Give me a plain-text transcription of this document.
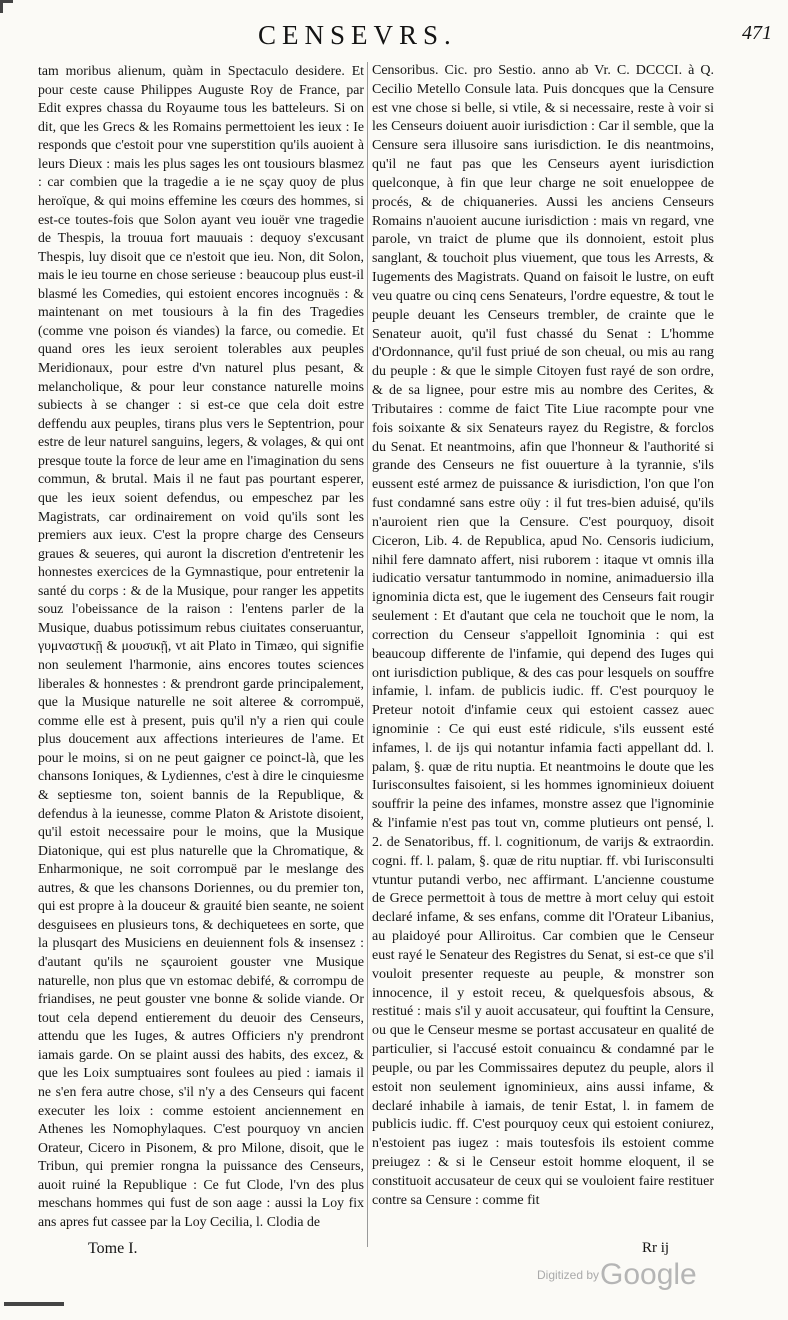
CENSEVRS.	471

tam moribus alienum, quàm in Spectaculo desidere. Et pour ceste cause Philippes Auguste Roy de France, par Edit expres chassa du Royaume tous les batteleurs. Si on dit, que les Grecs & les Romains permettoient les ieux : Ie responds que c'estoit pour vne superstition qu'ils auoient à leurs Dieux : mais les plus sages les ont tousiours blasmez : car combien que la tragedie a ie ne sçay quoy de plus heroïque, & qui moins effemine les cœurs des hommes, si est-ce toutes-fois que Solon ayant veu iouër vne tragedie de Thespis, la trouua fort mauuais : dequoy s'excusant Thespis, luy disoit que ce n'estoit que ieu. Non, dit Solon, mais le ieu tourne en chose serieuse : beaucoup plus eust-il blasmé les Comedies, qui estoient encores incognuës : & maintenant on met tousiours à la fin des Tragedies (comme vne poison és viandes) la farce, ou comedie. Et quand ores les ieux seroient tolerables aux peuples Meridionaux, pour estre d'vn naturel plus pesant, & melancholique, & pour leur constance naturelle moins subiects à se changer : si est-ce que cela doit estre deffendu aux peuples, tirans plus vers le Septentrion, pour estre de leur naturel sanguins, legers, & volages, & qui ont presque toute la force de leur ame en l'imagination du sens commun, & brutal. Mais il ne faut pas pourtant esperer, que les ieux soient defendus, ou empeschez par les Magistrats, car ordinairement on void qu'ils sont les premiers aux ieux. C'est la propre charge des Censeurs graues & seueres, qui auront la discretion d'entretenir les honnestes exercices de la Gymnastique, pour entretenir la santé du corps : & de la Musique, pour ranger les appetits souz l'obeissance de la raison : l'entens parler de la Musique, duabus potissimum rebus ciuitates conseruantur, γυμναστικῇ & μουσικῇ, vt ait Plato in Timæo, qui signifie non seulement l'harmonie, ains encores toutes sciences liberales & honnestes : & prendront garde principalement, que la Musique naturelle ne soit alteree & corrompuë, comme elle est à present, puis qu'il n'y a rien qui coule plus doucement aux affections interieures de l'ame. Et pour le moins, si on ne peut gaigner ce poinct-là, que les chansons Ioniques, & Lydiennes, c'est à dire le cinquiesme & septiesme ton, soient bannis de la Republique, & defendus à la ieunesse, comme Platon & Aristote disoient, qu'il estoit necessaire pour le moins, que la Musique Diatonique, qui est plus naturelle que la Chromatique, & Enharmonique, ne soit corrompuë par le meslange des autres, & que les chansons Doriennes, ou du premier ton, qui est propre à la douceur & grauité bien seante, ne soient desguisees en plusieurs tons, & dechiquetees en sorte, que la plusqart des Musiciens en deuiennent fols & insensez : d'autant qu'ils ne sçauroient gouster vne Musique naturelle, non plus que vn estomac debifé, & corrompu de friandises, ne peut gouster vne bonne & solide viande. Or tout cela depend entierement du deuoir des Censeurs, attendu que les Iuges, & autres Officiers n'y prendront iamais garde. On se plaint aussi des habits, des excez, & que les Loix sumptuaires sont foulees au pied : iamais il ne s'en fera autre chose, s'il n'y a des Censeurs qui facent executer les loix : comme estoient anciennement en Athenes les Nomophylaques. C'est pourquoy vn ancien Orateur, Cicero in Pisonem, & pro Milone, disoit, que le Tribun, qui premier rongna la puissance des Censeurs, auoit ruiné la Republique : Ce fut Clode, l'vn des plus meschans hommes qui fust de son aage : aussi la Loy fix ans apres fut cassee par la Loy Cecilia, l. Clodia de

Censoribus. Cic. pro Sestio. anno ab Vr. C. DCCCI. à Q. Cecilio Metello Consule lata. Puis doncques que la Censure est vne chose si belle, si vtile, & si necessaire, reste à voir si les Censeurs doiuent auoir iurisdiction : Car il semble, que la Censure sera illusoire sans iurisdiction. Ie dis neantmoins, qu'il ne faut pas que les Censeurs ayent iurisdiction quelconque, à fin que leur charge ne soit enueloppee de procés, & de chiquaneries. Aussi les anciens Censeurs Romains n'auoient aucune iurisdiction : mais vn regard, vne parole, vn traict de plume que ils donnoient, estoit plus sanglant, & touchoit plus viuement, que tous les Arrests, & Iugements des Magistrats. Quand on faisoit le lustre, on euft veu quatre ou cinq cens Senateurs, l'ordre equestre, & tout le peuple deuant les Censeurs trembler, de crainte que le Senateur auoit, qu'il fust chassé du Senat : L'homme d'Ordonnance, qu'il fust priué de son cheual, ou mis au rang du peuple : & que le simple Citoyen fust rayé de son ordre, & de sa lignee, pour estre mis au nombre des Cerites, & Tributaires : comme de faict Tite Liue racompte pour vne fois soixante & six Senateurs rayez du Registre, & forclos du Senat. Et neantmoins, afin que l'honneur & l'authorité si grande des Censeurs ne fist ouuerture à la tyrannie, s'ils eussent esté armez de puissance & iurisdiction, l'on que l'on fust condamné sans estre oüy : il fut tres-bien aduisé, qu'ils n'auroient rien que la Censure. C'est pourquoy, disoit Ciceron, Lib. 4. de Republica, apud No. Censoris iudicium, nihil fere damnato affert, nisi ruborem : itaque vt omnis illa iudicatio versatur tantummodo in nomine, animaduersio illa ignominia dicta est, que le iugement des Censeurs fait rougir seulement : Et d'autant que cela ne touchoit que le nom, la correction du Censeur s'appelloit Ignominia : qui est beaucoup differente de l'infamie, qui depend des Iuges qui ont iurisdiction publique, & des cas pour lesquels on souffre infamie, l. infam. de publicis iudic. ff. C'est pourquoy le Preteur notoit d'infamie ceux qui estoient cassez auec ignominie : Ce qui eust esté ridicule, s'ils eussent esté infames, l. de ijs qui notantur infamia facti appellant dd. l. palam, §. quæ de ritu nuptia. Et neantmoins le doute que les Iurisconsultes faisoient, si les hommes ignominieux doiuent souffrir la peine des infames, monstre assez que l'ignominie & l'infamie n'est pas tout vn, comme plutieurs ont pensé, l. 2. de Senatoribus, ff. l. cognitionum, de varijs & extraordin. cogni. ff. l. palam, §. quæ de ritu nuptiar. ff. vbi Iurisconsulti vtuntur putandi verbo, nec affirmant. L'ancienne coustume de Grece permettoit à tous de mettre à mort celuy qui estoit declaré infame, & ses enfans, comme dit l'Orateur Libanius, au plaidoyé pour Alliroitus. Car combien que le Censeur eust rayé le Senateur des Registres du Senat, si est-ce que s'il vouloit presenter requeste au peuple, & monstrer son innocence, il y estoit receu, & quelquesfois absous, & restitué : mais s'il y auoit accusateur, qui fouftint la Censure, ou que le Censeur mesme se portast accusateur en qualité de particulier, si l'accusé estoit conuaincu & condamné par le peuple, ou par les Commissaires deputez du peuple, alors il estoit non seulement ignominieux, ains aussi infame, & declaré inhabile à iamais, de tenir Estat, l. in famem de publicis iudic. ff. C'est pourquoy ceux qui estoient coniurez, n'estoient pas iugez : mais toutesfois ils estoient comme preiugez : & si le Censeur estoit homme eloquent, il se constituoit accusateur de ceux qui se vouloient faire restituer contre sa Censure : comme fit

Tome I.	Rr ij
Digitized by Google
